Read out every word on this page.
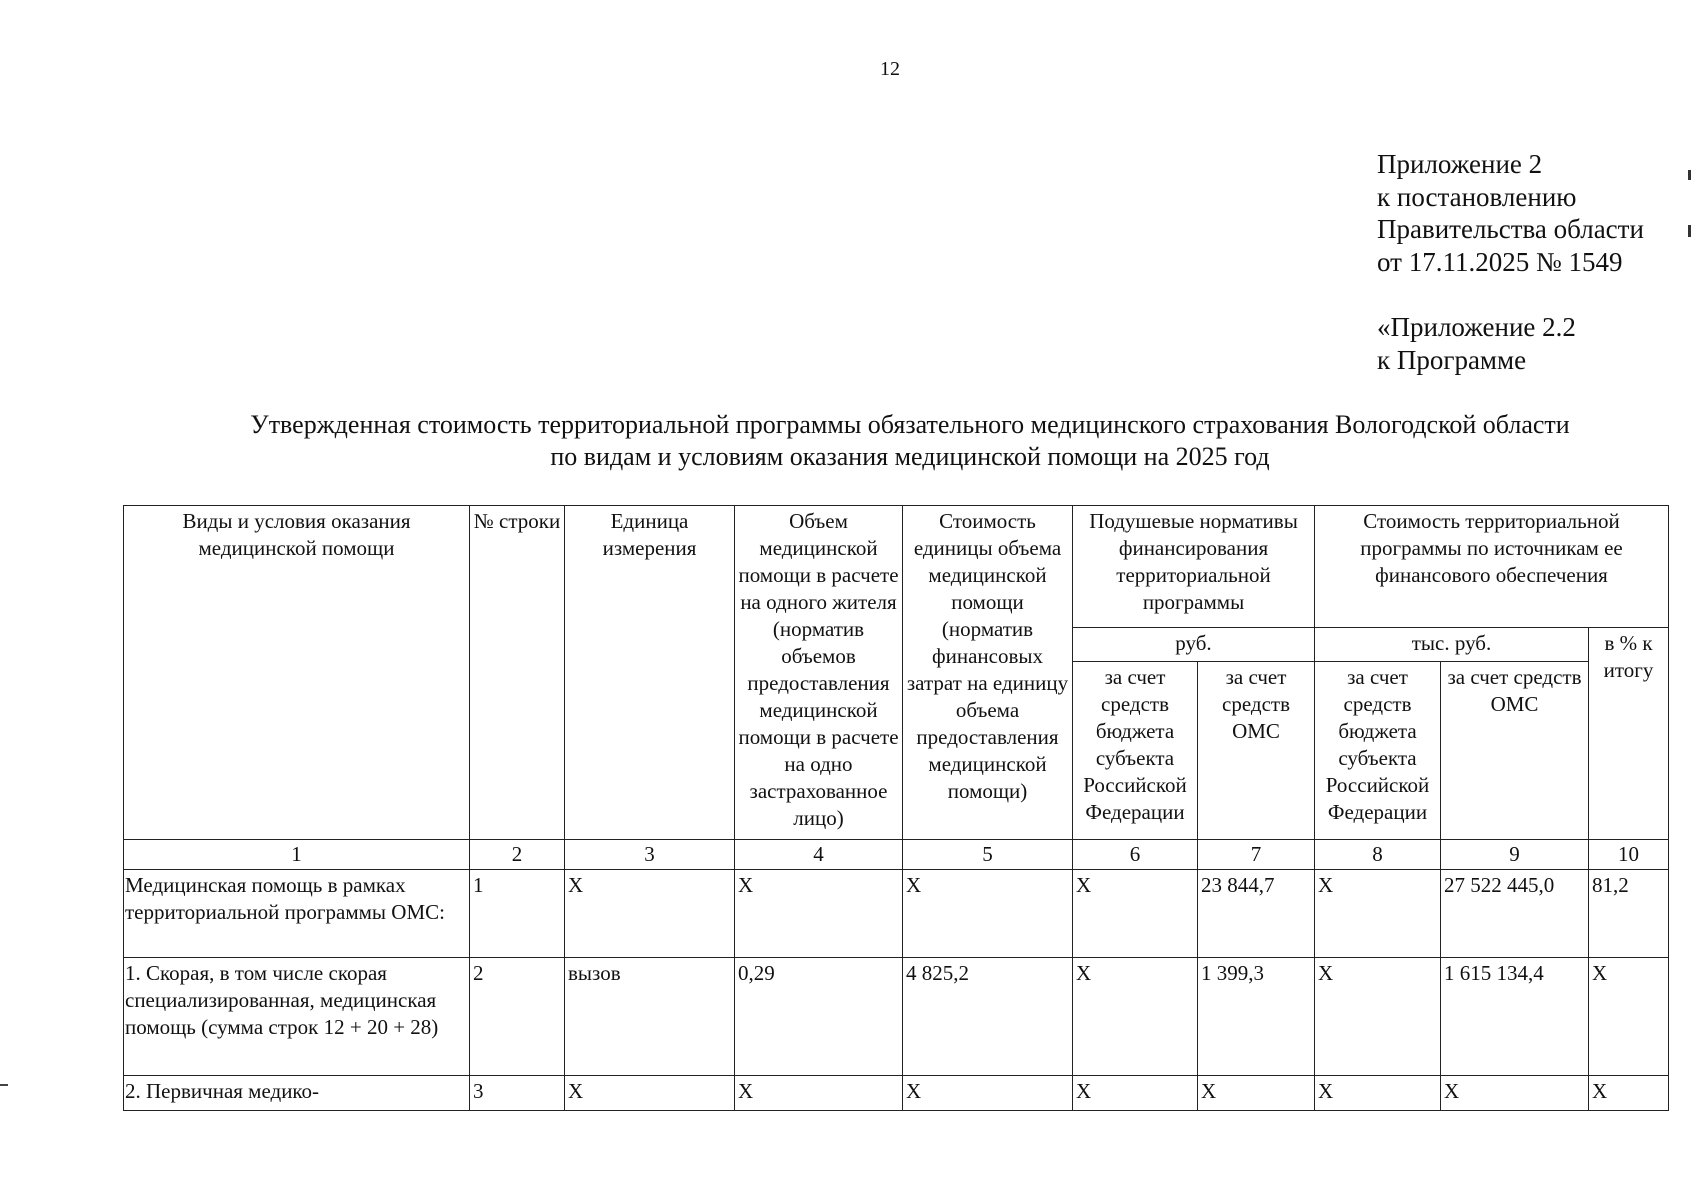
12
Приложение 2
к постановлению
Правительства области
от 17.11.2025 № 1549
«Приложение 2.2
к Программе
Утвержденная стоимость территориальной программы обязательного медицинского страхования Вологодской области
по видам и условиям оказания медицинской помощи на 2025 год
Виды и условия оказания медицинской помощи	№ строки	Единица измерения	Объем медицинской помощи в расчете на одного жителя (норматив объемов предоставления медицинской помощи в расчете на одно застрахованное лицо)	Стоимость единицы объема медицинской помощи (норматив финансовых затрат на единицу объема предоставления медицинской помощи)	Подушевые нормативы финансирования территориальной программы		Стоимость территориальной программы по источникам ее финансового обеспечения		
					руб.		тыс. руб.		в % к итогу
					за счет средств бюджета субъекта Российской Федерации	за счет средств ОМС	за счет средств бюджета субъекта Российской Федерации	за счет средств ОМС	
1	2	3	4	5	6	7	8	9	10
Медицинская помощь в рамках территориальной программы ОМС:	1	Х	Х	Х	Х	23 844,7	Х	27 522 445,0	81,2
1. Скорая, в том числе скорая специализированная, медицинская помощь (сумма строк 12 + 20 + 28)	2	вызов	0,29	4 825,2	Х	1 399,3	Х	1 615 134,4	Х
2. Первичная медико-	3	Х	Х	Х	Х	Х	Х	Х	Х
